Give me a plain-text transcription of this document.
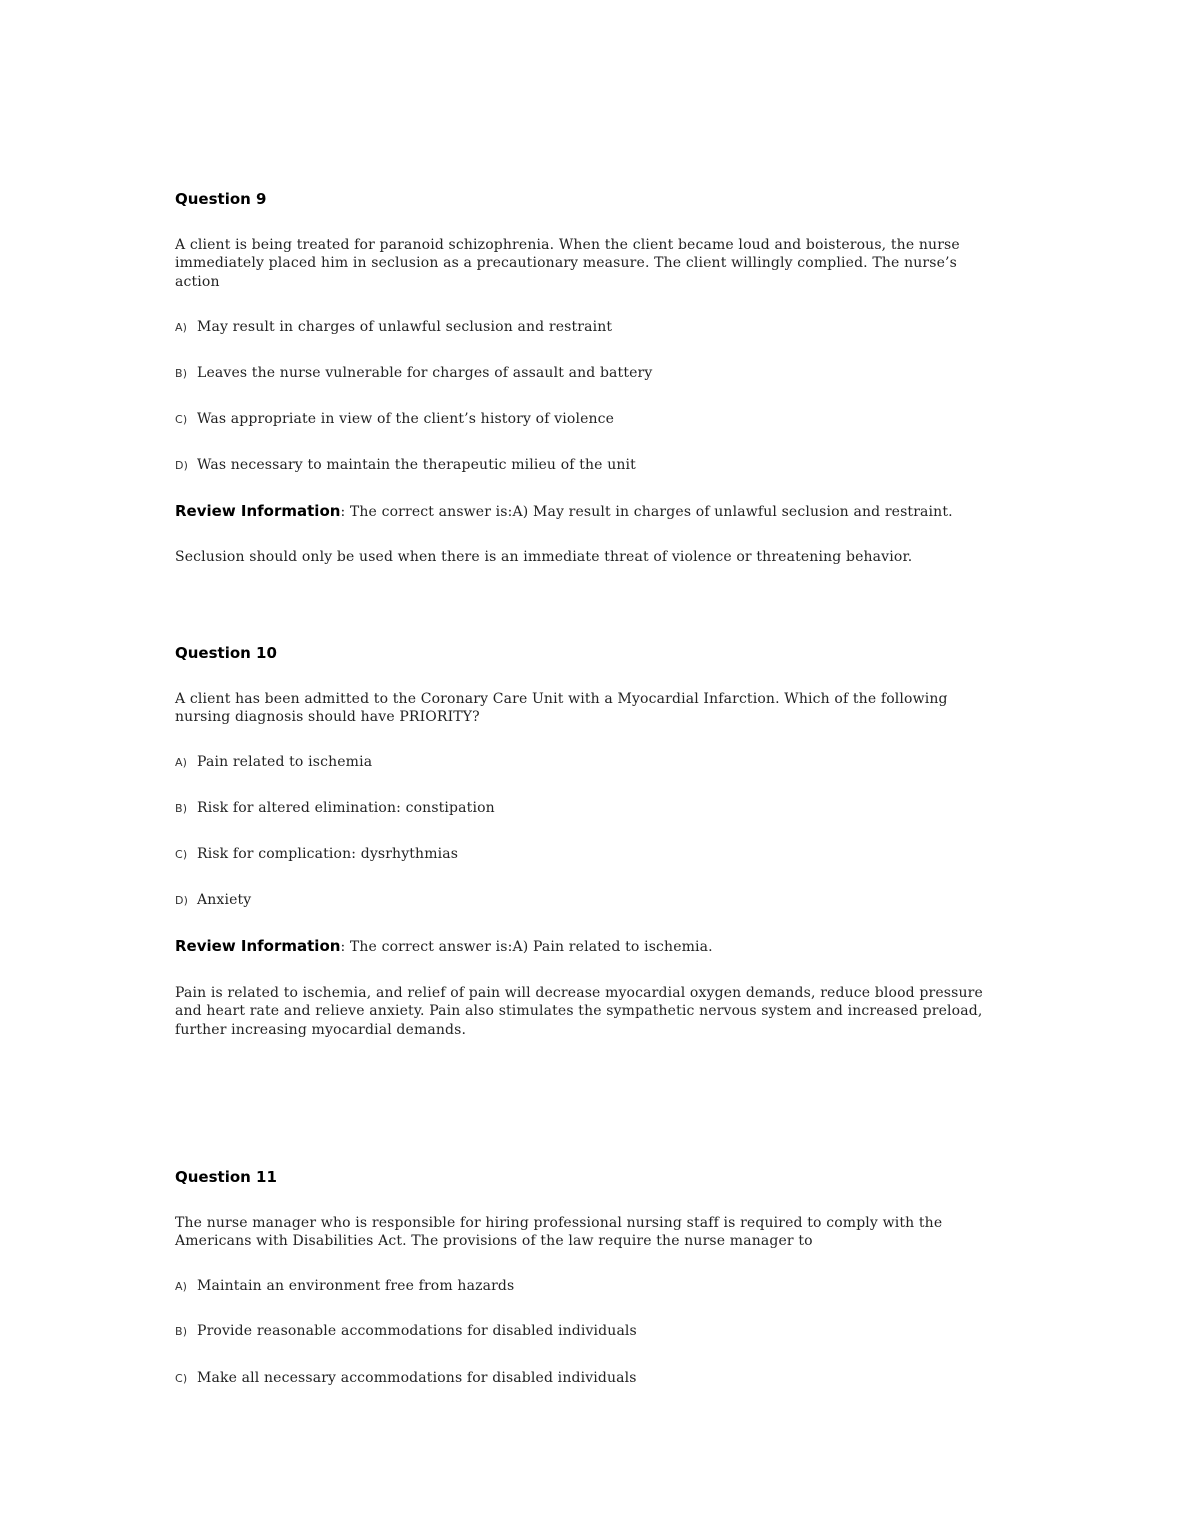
Question 9
A client is being treated for paranoid schizophrenia. When the client became loud and boisterous, the nurse immediately placed him in seclusion as a precautionary measure. The client willingly complied. The nurse’s action
A) May result in charges of unlawful seclusion and restraint
B) Leaves the nurse vulnerable for charges of assault and battery
C) Was appropriate in view of the client’s history of violence
D) Was necessary to maintain the therapeutic milieu of the unit
Review Information: The correct answer is:A) May result in charges of unlawful seclusion and restraint.
Seclusion should only be used when there is an immediate threat of violence or threatening behavior.
Question 10
A client has been admitted to the Coronary Care Unit with a Myocardial Infarction. Which of the following nursing diagnosis should have PRIORITY?
A) Pain related to ischemia
B) Risk for altered elimination: constipation
C) Risk for complication: dysrhythmias
D) Anxiety
Review Information: The correct answer is:A) Pain related to ischemia.
Pain is related to ischemia, and relief of pain will decrease myocardial oxygen demands, reduce blood pressure and heart rate and relieve anxiety. Pain also stimulates the sympathetic nervous system and increased preload, further increasing myocardial demands.
Question 11
The nurse manager who is responsible for hiring professional nursing staff is required to comply with the Americans with Disabilities Act. The provisions of the law require the nurse manager to
A) Maintain an environment free from hazards
B) Provide reasonable accommodations for disabled individuals
C) Make all necessary accommodations for disabled individuals
